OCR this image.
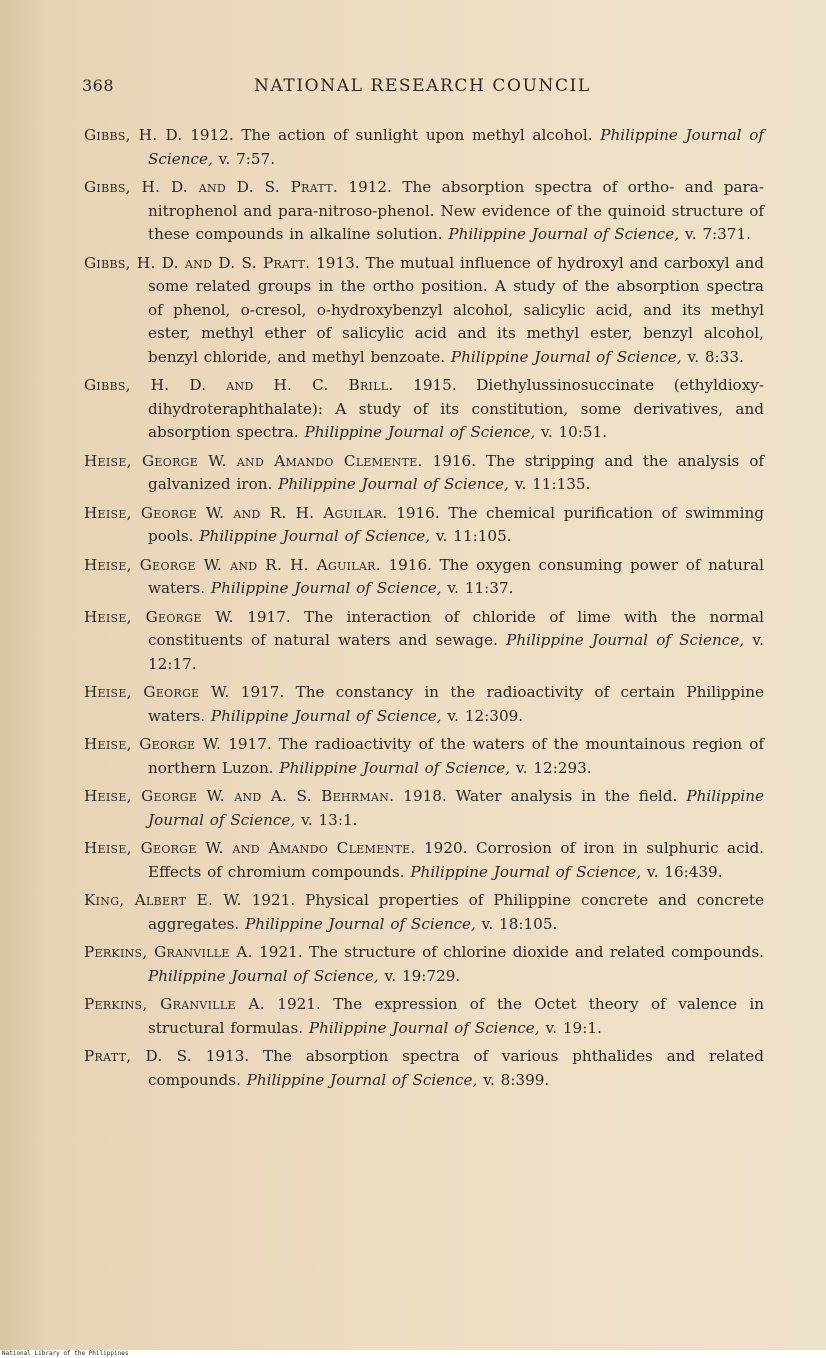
368	NATIONAL RESEARCH COUNCIL

Gibbs, H. D. 1912. The action of sunlight upon methyl alcohol. Philippine Journal of Science, v. 7:57.

Gibbs, H. D. and D. S. Pratt. 1912. The absorption spectra of ortho- and para-nitrophenol and para-nitroso-phenol. New evidence of the quinoid structure of these compounds in alkaline solution. Philippine Journal of Science, v. 7:371.

Gibbs, H. D. and D. S. Pratt. 1913. The mutual influence of hydroxyl and carboxyl and some related groups in the ortho position. A study of the absorption spectra of phenol, o-cresol, o-hydroxybenzyl alcohol, salicylic acid, and its methyl ester, methyl ether of salicylic acid and its methyl ester, benzyl alcohol, benzyl chloride, and methyl benzoate. Philippine Journal of Science, v. 8:33.

Gibbs, H. D. and H. C. Brill. 1915. Diethylussinosuccinate (ethyldioxy-dihydroteraphthalate): A study of its constitution, some derivatives, and absorption spectra. Philippine Journal of Science, v. 10:51.

Heise, George W. and Amando Clemente. 1916. The stripping and the analysis of galvanized iron. Philippine Journal of Science, v. 11:135.

Heise, George W. and R. H. Aguilar. 1916. The chemical purification of swimming pools. Philippine Journal of Science, v. 11:105.

Heise, George W. and R. H. Aguilar. 1916. The oxygen consuming power of natural waters. Philippine Journal of Science, v. 11:37.

Heise, George W. 1917. The interaction of chloride of lime with the normal constituents of natural waters and sewage. Philippine Journal of Science, v. 12:17.

Heise, George W. 1917. The constancy in the radioactivity of certain Philippine waters. Philippine Journal of Science, v. 12:309.

Heise, George W. 1917. The radioactivity of the waters of the mountainous region of northern Luzon. Philippine Journal of Science, v. 12:293.

Heise, George W. and A. S. Behrman. 1918. Water analysis in the field. Philippine Journal of Science, v. 13:1.

Heise, George W. and Amando Clemente. 1920. Corrosion of iron in sulphuric acid. Effects of chromium compounds. Philippine Journal of Science, v. 16:439.

King, Albert E. W. 1921. Physical properties of Philippine concrete and concrete aggregates. Philippine Journal of Science, v. 18:105.

Perkins, Granville A. 1921. The structure of chlorine dioxide and related compounds. Philippine Journal of Science, v. 19:729.

Perkins, Granville A. 1921. The expression of the Octet theory of valence in structural formulas. Philippine Journal of Science, v. 19:1.

Pratt, D. S. 1913. The absorption spectra of various phthalides and related compounds. Philippine Journal of Science, v. 8:399.

National Library of the Philippines
